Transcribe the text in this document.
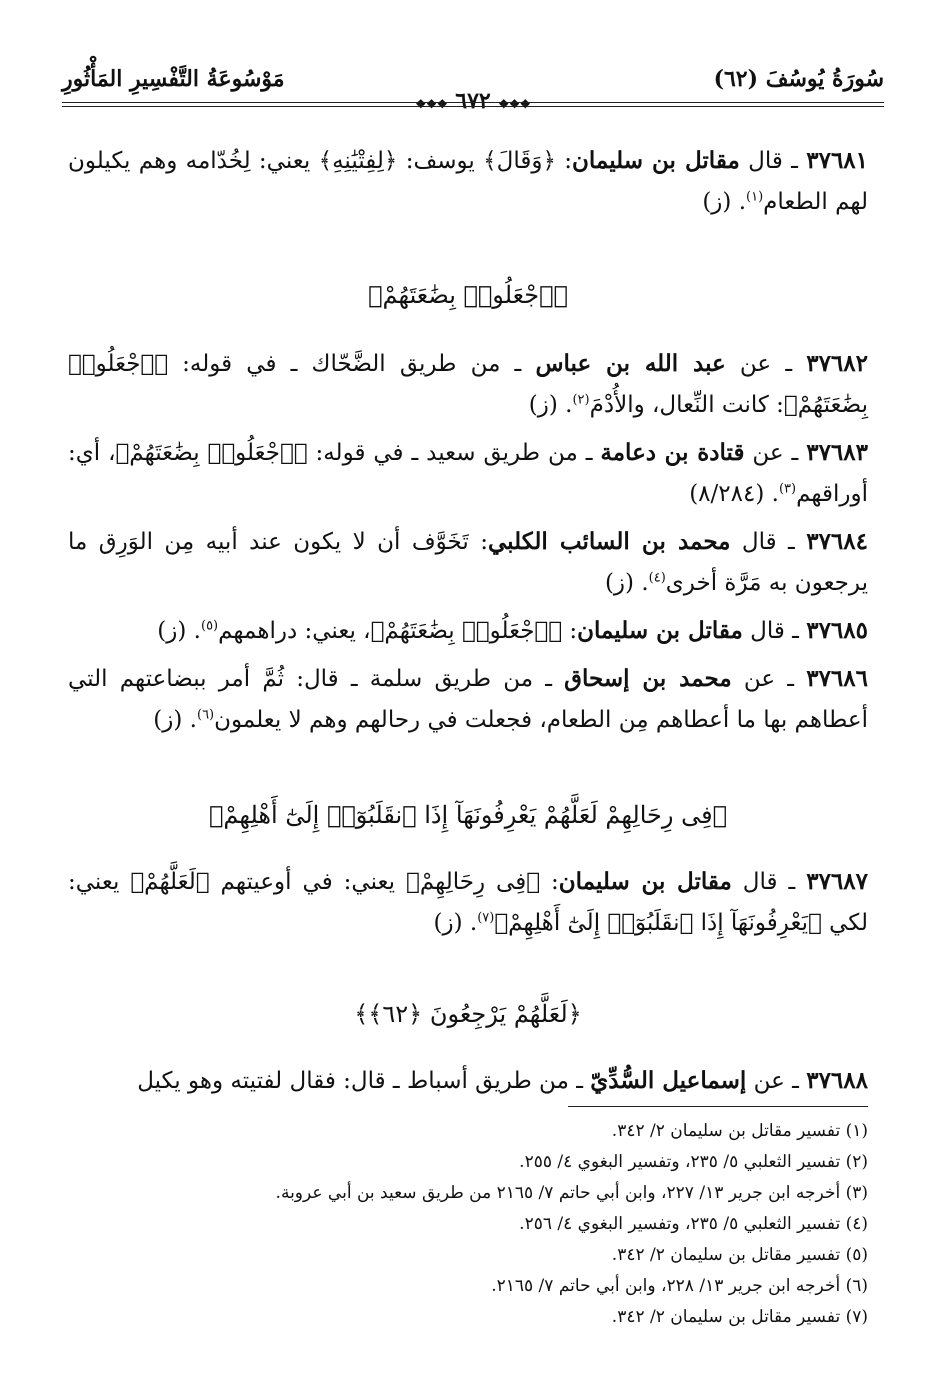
سُورَةُ يُوسُفَ (٦٢)
مَوْسُوعَةُ التَّفْسِيرِ المَأْثُورِ
❖❖❖ ٦٧٢ ❖❖❖

٣٧٦٨١ ـ قال مقاتل بن سليمان: ﴿وَقَالَ﴾ يوسف: ﴿لِفِتْيَٰنِهِ﴾ يعني: لِخُدّامه وهم يكيلون لهم الطعام$^{(١)}$. (ز)

﴿ٱجْعَلُوا۟ بِضَٰعَتَهُمْ﴾

٣٧٦٨٢ ـ عن عبد الله بن عباس ـ من طريق الضَّحّاك ـ في قوله: ﴿ٱجْعَلُوا۟ بِضَٰعَتَهُمْ﴾: كانت النِّعال، والأُدْمَ$^{(٢)}$. (ز)

٣٧٦٨٣ ـ عن قتادة بن دعامة ـ من طريق سعيد ـ في قوله: ﴿ٱجْعَلُوا۟ بِضَٰعَتَهُمْ﴾، أي: أوراقهم$^{(٣)}$. (٨/٢٨٤)

٣٧٦٨٤ ـ قال محمد بن السائب الكلبي: تَخَوَّف أن لا يكون عند أبيه مِن الوَرِق ما يرجعون به مَرَّة أخرى$^{(٤)}$. (ز)

٣٧٦٨٥ ـ قال مقاتل بن سليمان: ﴿ٱجْعَلُوا۟ بِضَٰعَتَهُمْ﴾، يعني: دراهمهم$^{(٥)}$. (ز)

٣٧٦٨٦ ـ عن محمد بن إسحاق ـ من طريق سلمة ـ قال: ثُمَّ أمر ببضاعتهم التي أعطاهم بها ما أعطاهم مِن الطعام، فجعلت في رحالهم وهم لا يعلمون$^{(٦)}$. (ز)

﴿فِى رِحَالِهِمْ لَعَلَّهُمْ يَعْرِفُونَهَآ إِذَا ٱنقَلَبُوٓا۟ إِلَىٰٓ أَهْلِهِمْ﴾

٣٧٦٨٧ ـ قال مقاتل بن سليمان: ﴿فِى رِحَالِهِمْ﴾ يعني: في أوعيتهم ﴿لَعَلَّهُمْ﴾ يعني: لكي ﴿يَعْرِفُونَهَآ إِذَا ٱنقَلَبُوٓا۟ إِلَىٰٓ أَهْلِهِمْ﴾$^{(٧)}$. (ز)

﴿لَعَلَّهُمْ يَرْجِعُونَ ﴿٦٢﴾﴾

٣٧٦٨٨ ـ عن إسماعيل السُّدِّيّ ـ من طريق أسباط ـ قال: فقال لفتيته وهو يكيل

(١) تفسير مقاتل بن سليمان ٢/ ٣٤٢.

(٢) تفسير الثعلبي ٥/ ٢٣٥، وتفسير البغوي ٤/ ٢٥٥.

(٣) أخرجه ابن جرير ١٣/ ٢٢٧، وابن أبي حاتم ٧/ ٢١٦٥ من طريق سعيد بن أبي عروبة.

(٤) تفسير الثعلبي ٥/ ٢٣٥، وتفسير البغوي ٤/ ٢٥٦.

(٥) تفسير مقاتل بن سليمان ٢/ ٣٤٢.

(٦) أخرجه ابن جرير ١٣/ ٢٢٨، وابن أبي حاتم ٧/ ٢١٦٥.

(٧) تفسير مقاتل بن سليمان ٢/ ٣٤٢.
